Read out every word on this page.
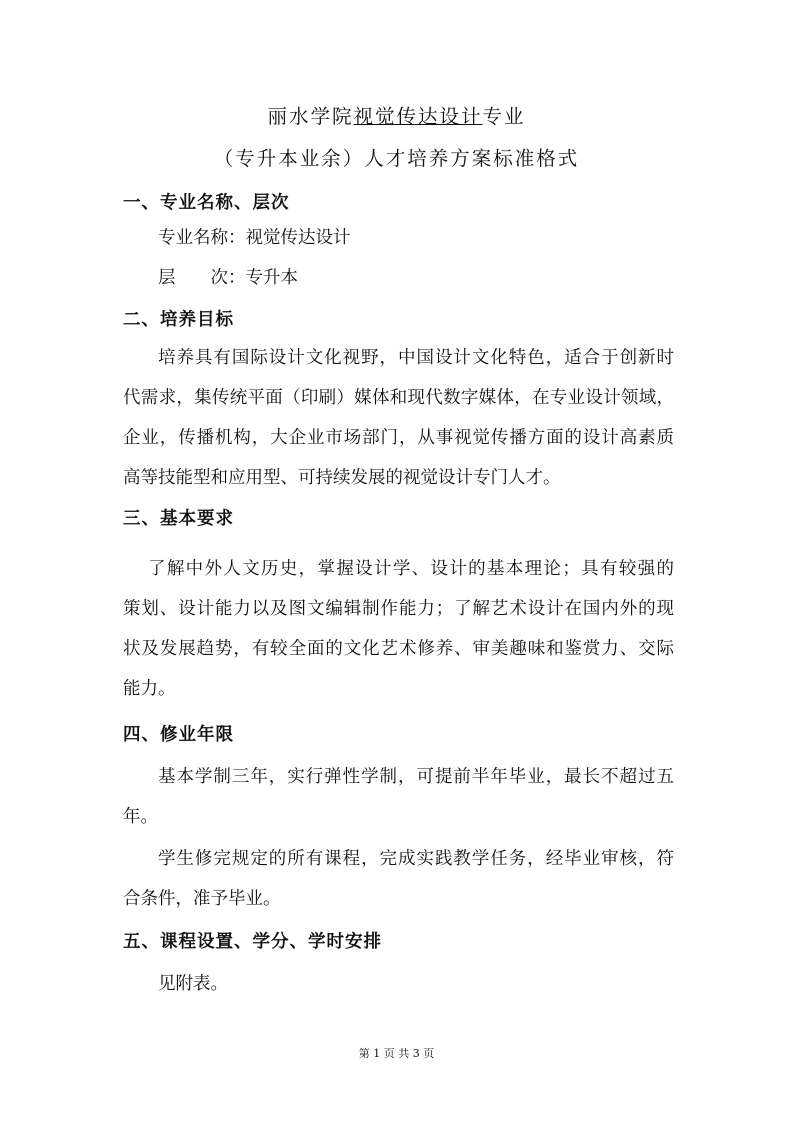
丽水学院视觉传达设计专业
（专升本业余）人才培养方案标准格式
一、专业名称、层次
专业名称：视觉传达设计
层　　次：专升本
二、培养目标
培养具有国际设计文化视野，中国设计文化特色，适合于创新时
代需求，集传统平面（印刷）媒体和现代数字媒体，在专业设计领域，
企业，传播机构，大企业市场部门，从事视觉传播方面的设计高素质
高等技能型和应用型、可持续发展的视觉设计专门人才。
三、基本要求
了解中外人文历史，掌握设计学、设计的基本理论；具有较强的
策划、设计能力以及图文编辑制作能力；了解艺术设计在国内外的现
状及发展趋势，有较全面的文化艺术修养、审美趣味和鉴赏力、交际
能力。
四、修业年限
基本学制三年，实行弹性学制，可提前半年毕业，最长不超过五
年。
学生修完规定的所有课程，完成实践教学任务，经毕业审核，符
合条件，准予毕业。
五、课程设置、学分、学时安排
见附表。
第 1 页 共 3 页
